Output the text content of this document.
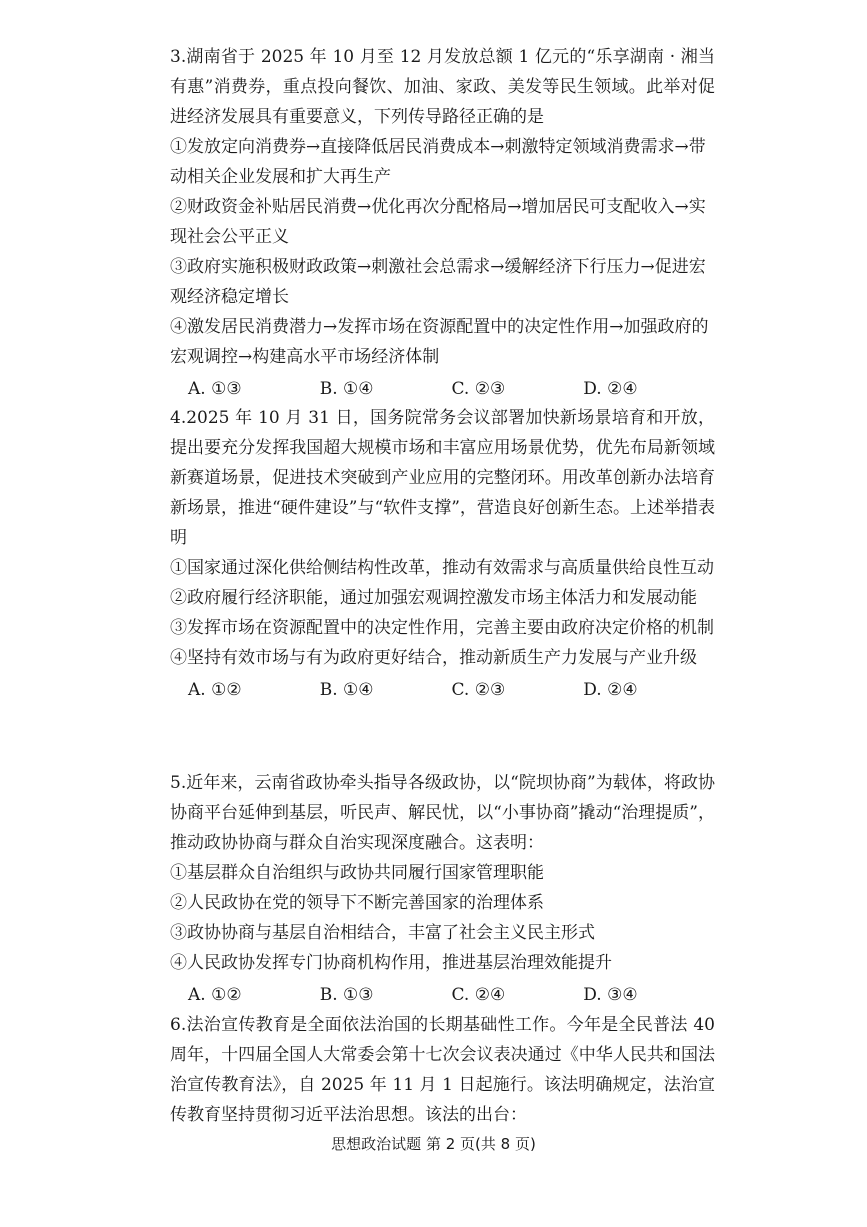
3.湖南省于 2025 年 10 月至 12 月发放总额 1 亿元的“乐享湖南 · 湘当有惠”消费券，重点投向餐饮、加油、家政、美发等民生领域。此举对促进经济发展具有重要意义，下列传导路径正确的是

①发放定向消费券→直接降低居民消费成本→刺激特定领域消费需求→带动相关企业发展和扩大再生产

②财政资金补贴居民消费→优化再次分配格局→增加居民可支配收入→实现社会公平正义

③政府实施积极财政政策→刺激社会总需求→缓解经济下行压力→促进宏观经济稳定增长

④激发居民消费潜力→发挥市场在资源配置中的决定性作用→加强政府的宏观调控→构建高水平市场经济体制

A. ①③	B. ①④	C. ②③	D. ②④

4.2025 年 10 月 31 日，国务院常务会议部署加快新场景培育和开放，提出要充分发挥我国超大规模市场和丰富应用场景优势，优先布局新领域新赛道场景，促进技术突破到产业应用的完整闭环。用改革创新办法培育新场景，推进“硬件建设”与“软件支撑”，营造良好创新生态。上述举措表明

①国家通过深化供给侧结构性改革，推动有效需求与高质量供给良性互动

②政府履行经济职能，通过加强宏观调控激发市场主体活力和发展动能

③发挥市场在资源配置中的决定性作用，完善主要由政府决定价格的机制

④坚持有效市场与有为政府更好结合，推动新质生产力发展与产业升级

A. ①②	B. ①④	C. ②③	D. ②④

5.近年来，云南省政协牵头指导各级政协，以“院坝协商”为载体，将政协协商平台延伸到基层，听民声、解民忧，以“小事协商”撬动“治理提质”，推动政协协商与群众自治实现深度融合。这表明：

①基层群众自治组织与政协共同履行国家管理职能

②人民政协在党的领导下不断完善国家的治理体系

③政协协商与基层自治相结合，丰富了社会主义民主形式

④人民政协发挥专门协商机构作用，推进基层治理效能提升

A. ①②	B. ①③	C. ②④	D. ③④

6.法治宣传教育是全面依法治国的长期基础性工作。今年是全民普法 40 周年，十四届全国人大常委会第十七次会议表决通过《中华人民共和国法治宣传教育法》，自 2025 年 11 月 1 日起施行。该法明确规定，法治宣传教育坚持贯彻习近平法治思想。该法的出台：

思想政治试题 第 2 页(共 8 页)
